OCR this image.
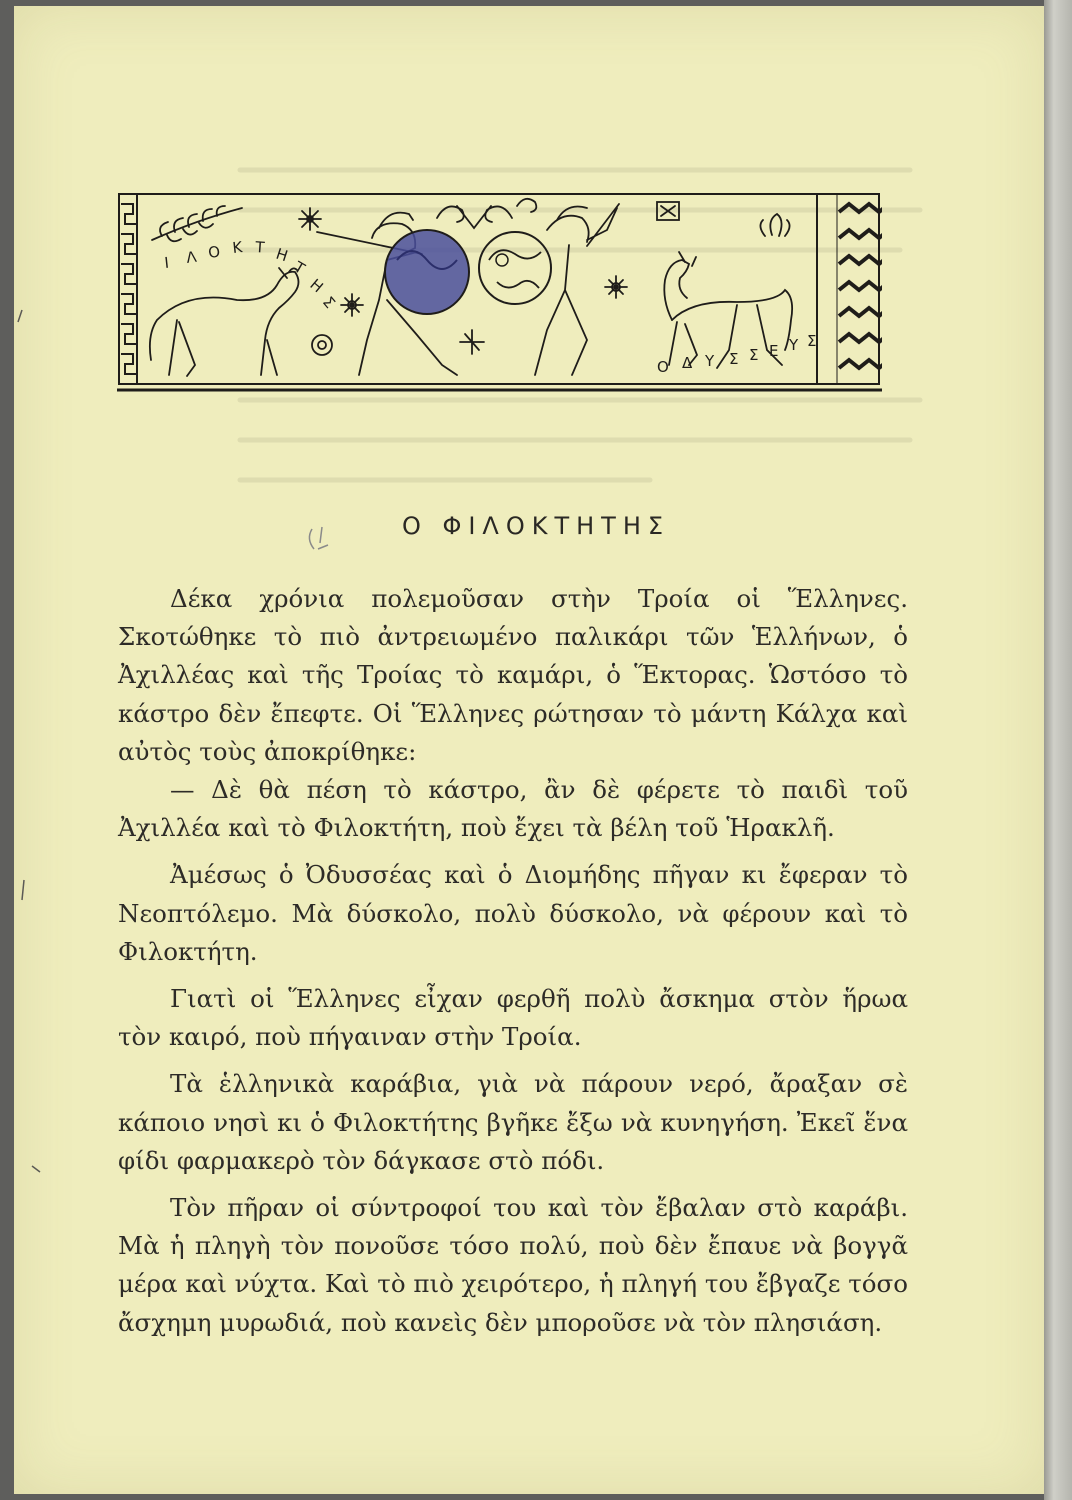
Ι Λ Ο Κ Τ Η
Τ
Η
Σ
Ο Δ Υ Σ Σ Ε Υ Σ
Ο ΦΙΛΟΚΤΗΤΗΣ

Δέκα χρόνια πολεμοῦσαν στὴν Τροία οἱ Ἕλληνες. Σκοτώθηκε τὸ πιὸ ἀντρειωμένο παλικάρι τῶν Ἑλλήνων, ὁ Ἀχιλλέας καὶ τῆς Τροίας τὸ καμάρι, ὁ Ἕκτορας. Ὡστόσο τὸ κάστρο δὲν ἔπεφτε. Οἱ Ἕλληνες ρώτησαν τὸ μάντη Κάλχα καὶ αὐτὸς τοὺς ἀποκρίθηκε:

— Δὲ θὰ πέση τὸ κάστρο, ἂν δὲ φέρετε τὸ παιδὶ τοῦ Ἀχιλλέα καὶ τὸ Φιλοκτήτη, ποὺ ἔχει τὰ βέλη τοῦ Ἡρακλῆ.

Ἀμέσως ὁ Ὀδυσσέας καὶ ὁ Διομήδης πῆγαν κι ἔφεραν τὸ Νεοπτόλεμο. Μὰ δύσκολο, πολὺ δύσκολο, νὰ φέρουν καὶ τὸ Φιλοκτήτη.

Γιατὶ οἱ Ἕλληνες εἶχαν φερθῆ πολὺ ἄσκημα στὸν ἥρωα τὸν καιρό, ποὺ πήγαιναν στὴν Τροία.

Τὰ ἑλληνικὰ καράβια, γιὰ νὰ πάρουν νερό, ἄραξαν σὲ κάποιο νησὶ κι ὁ Φιλοκτήτης βγῆκε ἔξω νὰ κυνηγήση. Ἐκεῖ ἕνα φίδι φαρμακερὸ τὸν δάγκασε στὸ πόδι.

Τὸν πῆραν οἱ σύντροφοί του καὶ τὸν ἔβαλαν στὸ καράβι. Μὰ ἡ πληγὴ τὸν πονοῦσε τόσο πολύ, ποὺ δὲν ἔπαυε νὰ βογγᾶ μέρα καὶ νύχτα. Καὶ τὸ πιὸ χειρότερο, ἡ πληγή του ἔβγαζε τόσο ἄσχημη μυρωδιά, ποὺ κανεὶς δὲν μποροῦσε νὰ τὸν πλησιάση.
